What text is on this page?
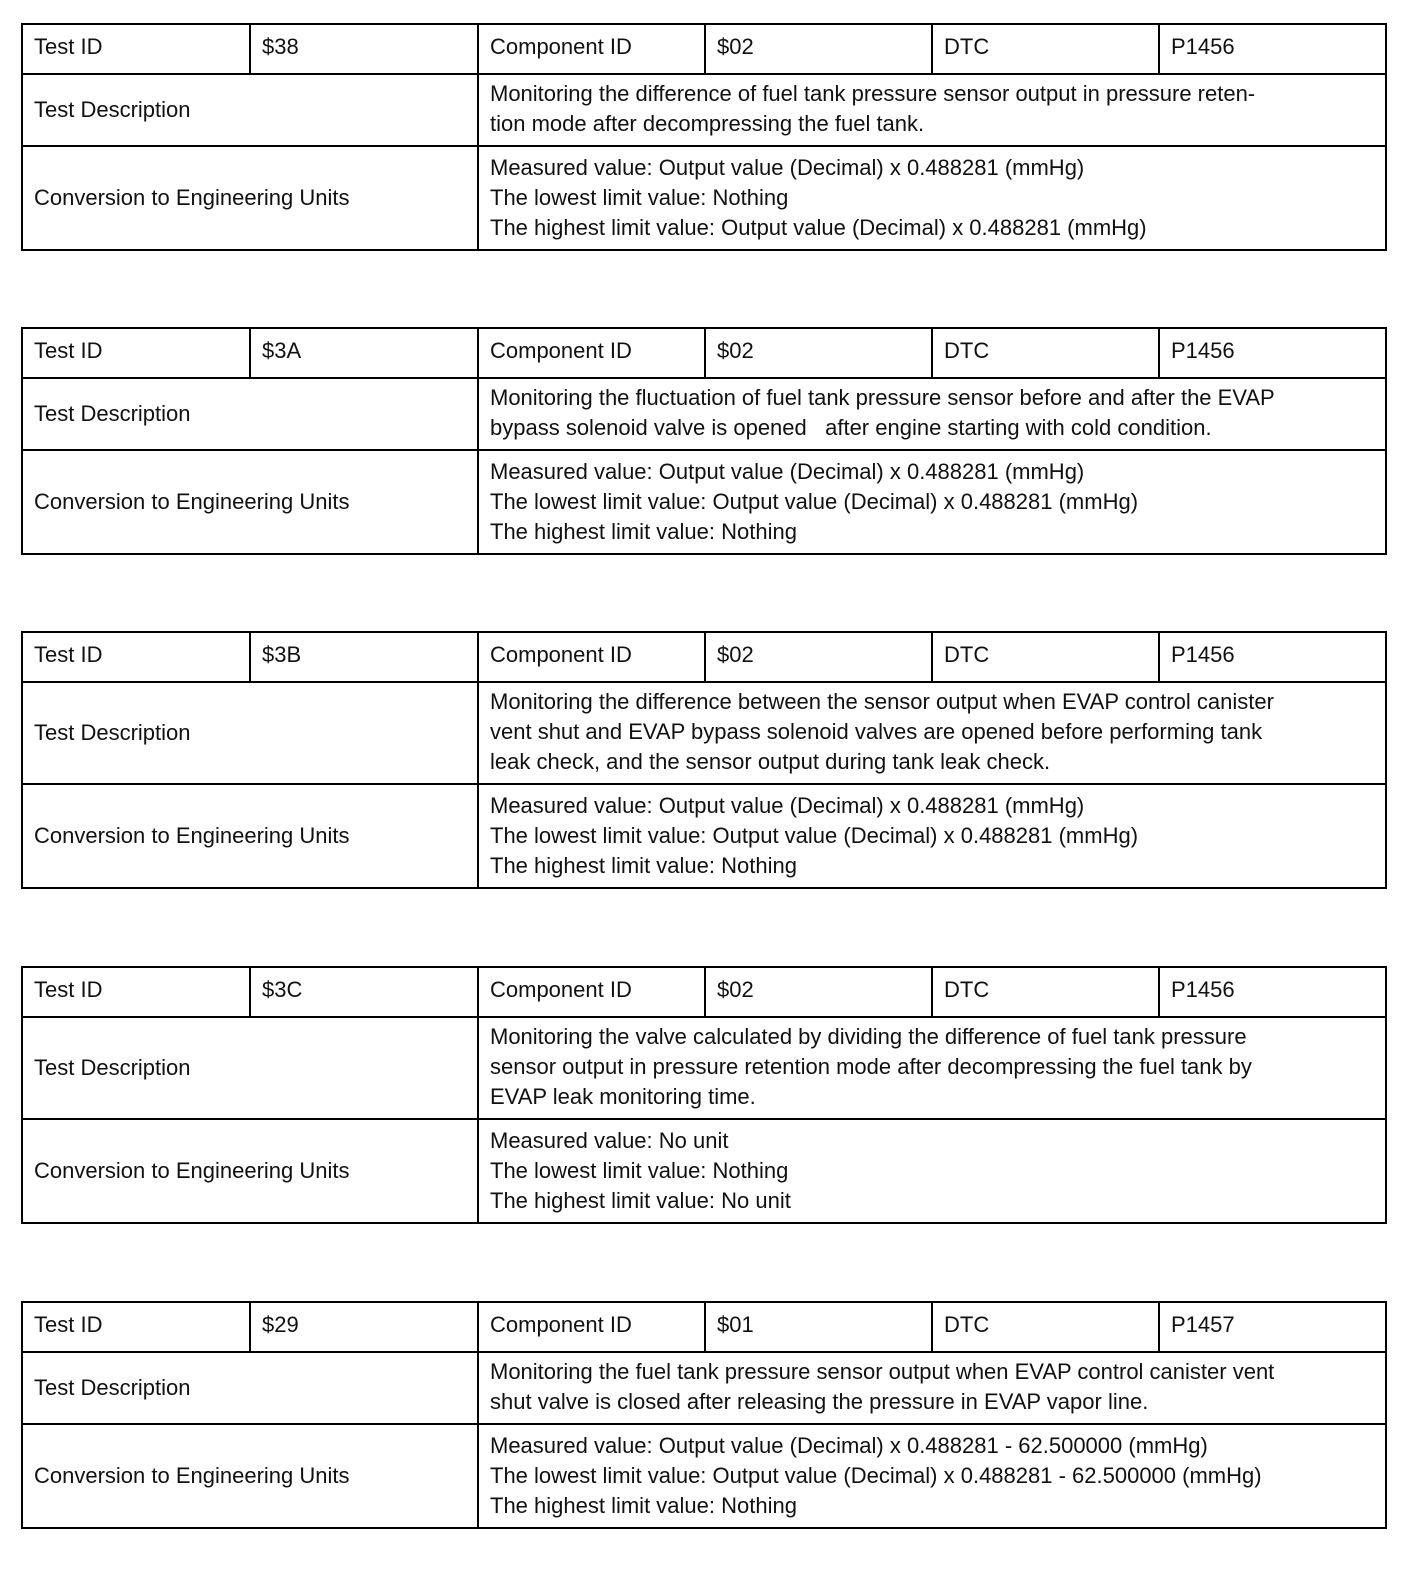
Test ID	$38	Component ID	$02	DTC	P1456
Test Description		Monitoring the difference of fuel tank pressure sensor output in pressure reten-
tion mode after decompressing the fuel tank.			

Conversion to Engineering Units		Measured value: Output value (Decimal) x 0.488281 (mmHg)
The lowest limit value: Nothing
The highest limit value: Output value (Decimal) x 0.488281 (mmHg)			
Test ID	$3A	Component ID	$02	DTC	P1456
Test Description		Monitoring the fluctuation of fuel tank pressure sensor before and after the EVAP
bypass solenoid valve is opened   after engine starting with cold condition.			

Conversion to Engineering Units		Measured value: Output value (Decimal) x 0.488281 (mmHg)
The lowest limit value: Output value (Decimal) x 0.488281 (mmHg)
The highest limit value: Nothing			
Test ID	$3B	Component ID	$02	DTC	P1456
Test Description		Monitoring the difference between the sensor output when EVAP control canister
vent shut and EVAP bypass solenoid valves are opened before performing tank
leak check, and the sensor output during tank leak check.			

Conversion to Engineering Units		Measured value: Output value (Decimal) x 0.488281 (mmHg)
The lowest limit value: Output value (Decimal) x 0.488281 (mmHg)
The highest limit value: Nothing			
Test ID	$3C	Component ID	$02	DTC	P1456
Test Description		Monitoring the valve calculated by dividing the difference of fuel tank pressure
sensor output in pressure retention mode after decompressing the fuel tank by
EVAP leak monitoring time.			

Conversion to Engineering Units		Measured value: No unit
The lowest limit value: Nothing
The highest limit value: No unit			
Test ID	$29	Component ID	$01	DTC	P1457
Test Description		Monitoring the fuel tank pressure sensor output when EVAP control canister vent
shut valve is closed after releasing the pressure in EVAP vapor line.			

Conversion to Engineering Units		Measured value: Output value (Decimal) x 0.488281 - 62.500000 (mmHg)
The lowest limit value: Output value (Decimal) x 0.488281 - 62.500000 (mmHg)
The highest limit value: Nothing			
